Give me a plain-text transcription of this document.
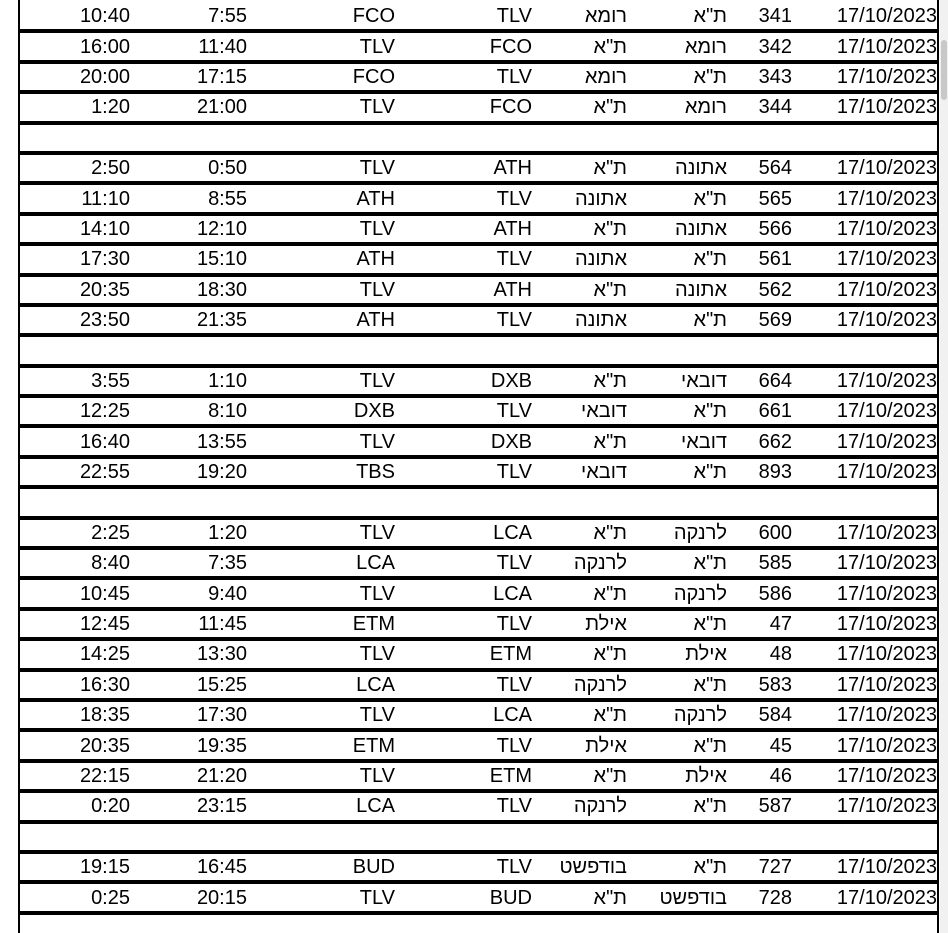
10:40	7:55	FCO	TLV	רומא	ת"א	341	17/10/2023
16:00	11:40	TLV	FCO	ת"א	רומא	342	17/10/2023
20:00	17:15	FCO	TLV	רומא	ת"א	343	17/10/2023
1:20	21:00	TLV	FCO	ת"א	רומא	344	17/10/2023

2:50	0:50	TLV	ATH	ת"א	אתונה	564	17/10/2023
11:10	8:55	ATH	TLV	אתונה	ת"א	565	17/10/2023
14:10	12:10	TLV	ATH	ת"א	אתונה	566	17/10/2023
17:30	15:10	ATH	TLV	אתונה	ת"א	561	17/10/2023
20:35	18:30	TLV	ATH	ת"א	אתונה	562	17/10/2023
23:50	21:35	ATH	TLV	אתונה	ת"א	569	17/10/2023

3:55	1:10	TLV	DXB	ת"א	דובאי	664	17/10/2023
12:25	8:10	DXB	TLV	דובאי	ת"א	661	17/10/2023
16:40	13:55	TLV	DXB	ת"א	דובאי	662	17/10/2023
22:55	19:20	TBS	TLV	דובאי	ת"א	893	17/10/2023

2:25	1:20	TLV	LCA	ת"א	לרנקה	600	17/10/2023
8:40	7:35	LCA	TLV	לרנקה	ת"א	585	17/10/2023
10:45	9:40	TLV	LCA	ת"א	לרנקה	586	17/10/2023
12:45	11:45	ETM	TLV	אילת	ת"א	47	17/10/2023
14:25	13:30	TLV	ETM	ת"א	אילת	48	17/10/2023
16:30	15:25	LCA	TLV	לרנקה	ת"א	583	17/10/2023
18:35	17:30	TLV	LCA	ת"א	לרנקה	584	17/10/2023
20:35	19:35	ETM	TLV	אילת	ת"א	45	17/10/2023
22:15	21:20	TLV	ETM	ת"א	אילת	46	17/10/2023
0:20	23:15	LCA	TLV	לרנקה	ת"א	587	17/10/2023

19:15	16:45	BUD	TLV	בודפשט	ת"א	727	17/10/2023
0:25	20:15	TLV	BUD	ת"א	בודפשט	728	17/10/2023
